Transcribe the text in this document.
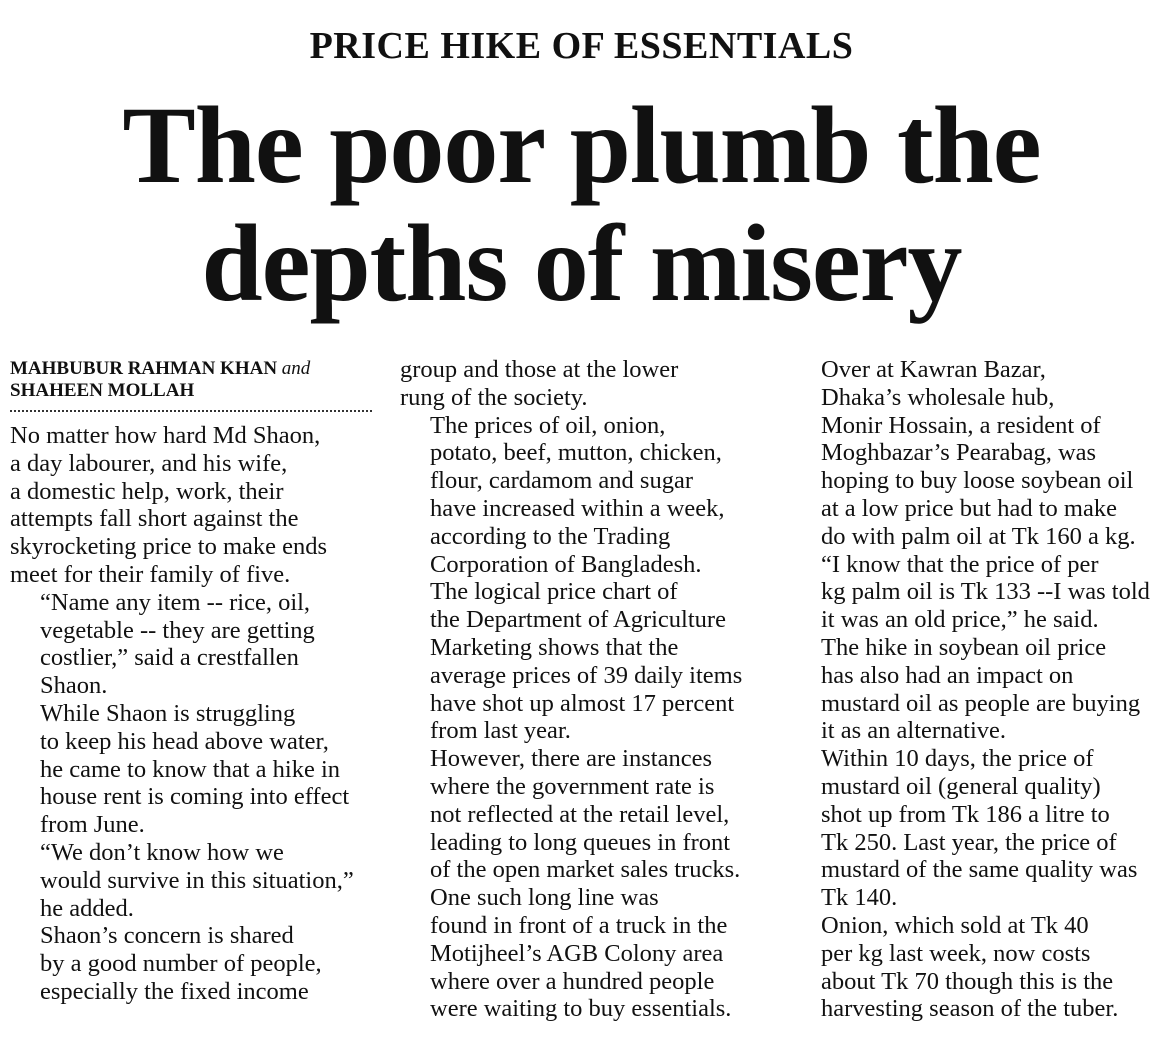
PRICE HIKE OF ESSENTIALS
The poor plumb the
depths of misery
MAHBUBUR RAHMAN KHAN and
SHAHEEN MOLLAH

No matter how hard Md Shaon,
a day labourer, and his wife,
a domestic help, work, their
attempts fall short against the
skyrocketing price to make ends
meet for their family of five.

“Name any item -- rice, oil,
vegetable -- they are getting
costlier,” said a crestfallen
Shaon.

While Shaon is struggling
to keep his head above water,
he came to know that a hike in
house rent is coming into effect
from June.

“We don’t know how we
would survive in this situation,”
he added.

Shaon’s concern is shared
by a good number of people,
especially the fixed income

group and those at the lower
rung of the society.

The prices of oil, onion,
potato, beef, mutton, chicken,
flour, cardamom and sugar
have increased within a week,
according to the Trading
Corporation of Bangladesh.

The logical price chart of
the Department of Agriculture
Marketing shows that the
average prices of 39 daily items
have shot up almost 17 percent
from last year.

However, there are instances
where the government rate is
not reflected at the retail level,
leading to long queues in front
of the open market sales trucks.

One such long line was
found in front of a truck in the
Motijheel’s AGB Colony area
where over a hundred people
were waiting to buy essentials.

Over at Kawran Bazar,
Dhaka’s wholesale hub,
Monir Hossain, a resident of
Moghbazar’s Pearabag, was
hoping to buy loose soybean oil
at a low price but had to make
do with palm oil at Tk 160 a kg.

“I know that the price of per
kg palm oil is Tk 133 --I was told
it was an old price,” he said.

The hike in soybean oil price
has also had an impact on
mustard oil as people are buying
it as an alternative.

Within 10 days, the price of
mustard oil (general quality)
shot up from Tk 186 a litre to
Tk 250. Last year, the price of
mustard of the same quality was
Tk 140.

Onion, which sold at Tk 40
per kg last week, now costs
about Tk 70 though this is the
harvesting season of the tuber.
